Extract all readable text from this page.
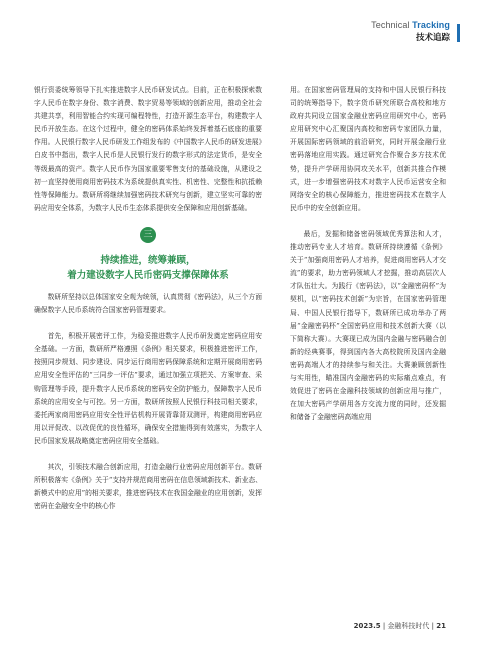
Technical Tracking
技术追踪

银行资委统筹领导下扎实推进数字人民币研发试点。目前，正在积极探索数字人民币在数字身份、数字消费、数字贸易等领域的创新应用，推动全社会共建共享，利用智能合约实现可编程特性，打造开源生态平台，构建数字人民币开放生态。在这个过程中，健全的密码体系始终发挥着基石底座的重要作用。人民银行数字人民币研发工作组发布的《中国数字人民币的研发进展》白皮书中指出，数字人民币是人民银行发行的数字形式的法定货币，是安全等级最高的资产。数字人民币作为国家重要零售支付的基础设施，从建设之初一直坚持使用商用密码技术为系统提供真实性、机密性、完整性和抗抵赖性等保障能力。数研所将继续加强密码技术研究与创新，建立坚实可靠的密码应用安全体系，为数字人民币生态体系提供安全保障和应用创新基础。

三
持续推进，统筹兼顾，
着力建设数字人民币密码支撑保障体系

数研所坚持以总体国家安全观为统领，认真贯彻《密码法》，从三个方面确保数字人民币系统符合国家密码管理要求。

首先，积极开展密评工作，为稳妥推进数字人民币研发奠定密码应用安全基础。一方面，数研所严格遵照《条例》相关要求，积极推进密评工作，按照同步规划、同步建设、同步运行商用密码保障系统和定期开展商用密码应用安全性评估的“三同步一评估”要求，通过加强立项把关、方案审查、采购管理等手段，提升数字人民币系统的密码安全防护能力，保障数字人民币系统的应用安全与可控。另一方面，数研所按照人民银行科技司相关要求，委托两家商用密码应用安全性评估机构开展背靠背双测评，构建商用密码应用以评促改、以改促优的良性循环，确保安全措施得到有效落实，为数字人民币国家发展战略奠定密码应用安全基础。

其次，引领技术融合创新应用，打造金融行业密码应用创新平台。数研所积极落实《条例》关于“支持并规范商用密码在信息领域新技术、新业态、新模式中的应用”的相关要求，推进密码技术在我国金融业的应用创新，发挥密码在金融安全中的核心作

用。在国家密码管理局的支持和中国人民银行科技司的统筹指导下，数字货币研究所联合高校和地方政府共同设立国家金融业密码应用研究中心，密码应用研究中心汇聚国内高校和密码专家团队力量，开展国际密码领域的前沿研究，同时开展金融行业密码落地应用实践。通过研究合作聚合多方技术优势，提升产学研用协同攻关水平，创新共推合作模式，进一步增强密码技术对数字人民币运营安全和网络安全的核心保障能力，推进密码技术在数字人民币中的安全创新应用。

最后，发掘和储备密码领域优秀算法和人才，推动密码专业人才培育。数研所持续遵循《条例》关于“加强商用密码人才培养，促进商用密码人才交流”的要求，助力密码领域人才挖掘，推动高层次人才队伍壮大。为践行《密码法》，以“金融密码杯”为契机，以“密码技术创新”为宗旨，在国家密码管理局、中国人民银行指导下，数研所已成功举办了两届“金融密码杯”全国密码应用和技术创新大赛（以下简称大赛）。大赛现已成为国内金融与密码融合创新的经典赛事，得到国内各大高校院所及国内金融密码高端人才的持续参与和关注。大赛兼顾创新性与实用性，瞄准国内金融密码的实际痛点难点，有效促进了密码在金融科技领域的创新应用与推广，在加大密码产学研用各方交流力度的同时，还发掘和储备了金融密码高端应用

2023.5 | 金融科技时代 | 21
